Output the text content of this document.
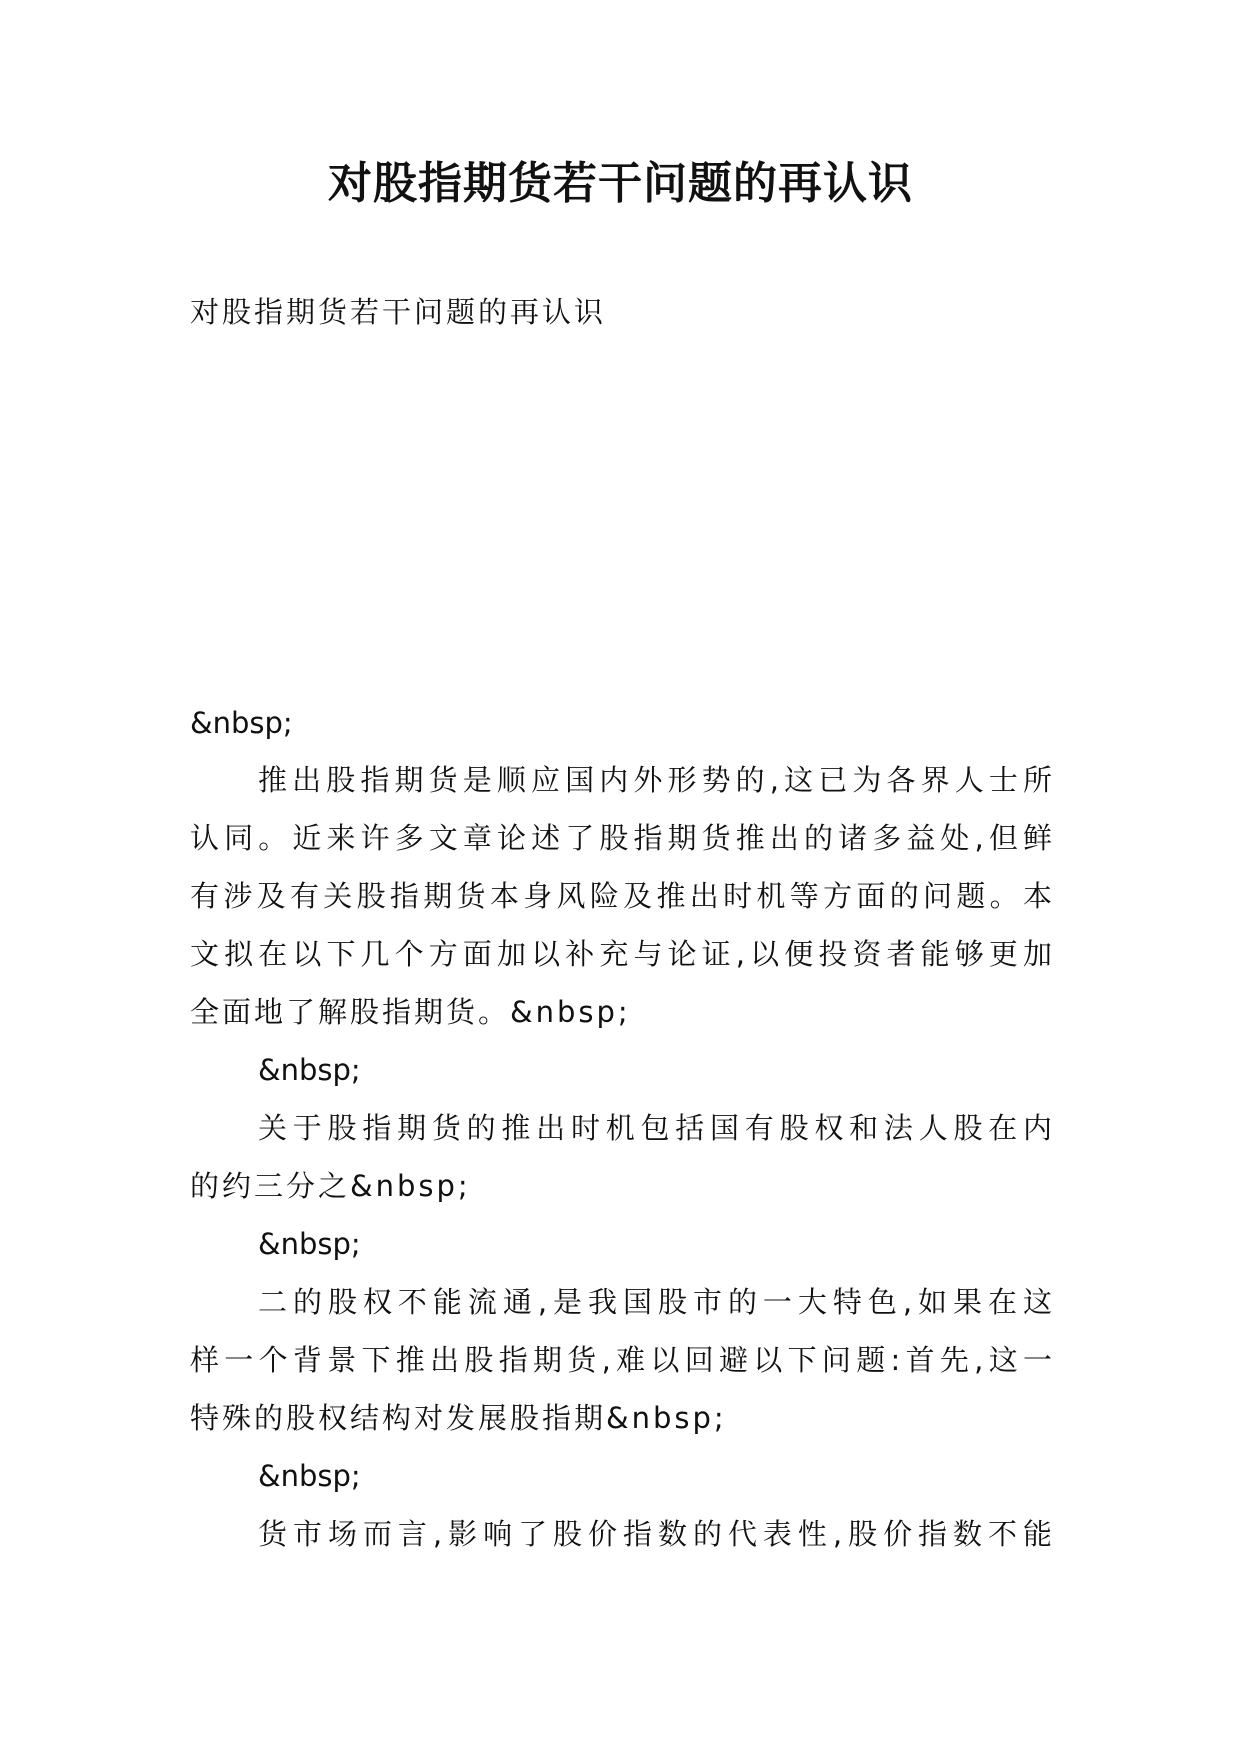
对股指期货若干问题的再认识
对股指期货若干问题的再认识
&nbsp;
推出股指期货是顺应国内外形势的,这已为各界人士所
认同。近来许多文章论述了股指期货推出的诸多益处,但鲜
有涉及有关股指期货本身风险及推出时机等方面的问题。本
文拟在以下几个方面加以补充与论证,以便投资者能够更加
全面地了解股指期货。&nbsp;
&nbsp;
关于股指期货的推出时机包括国有股权和法人股在内
的约三分之&nbsp;
&nbsp;
二的股权不能流通,是我国股市的一大特色,如果在这
样一个背景下推出股指期货,难以回避以下问题:首先,这一
特殊的股权结构对发展股指期&nbsp;
&nbsp;
货市场而言,影响了股价指数的代表性,股价指数不能
